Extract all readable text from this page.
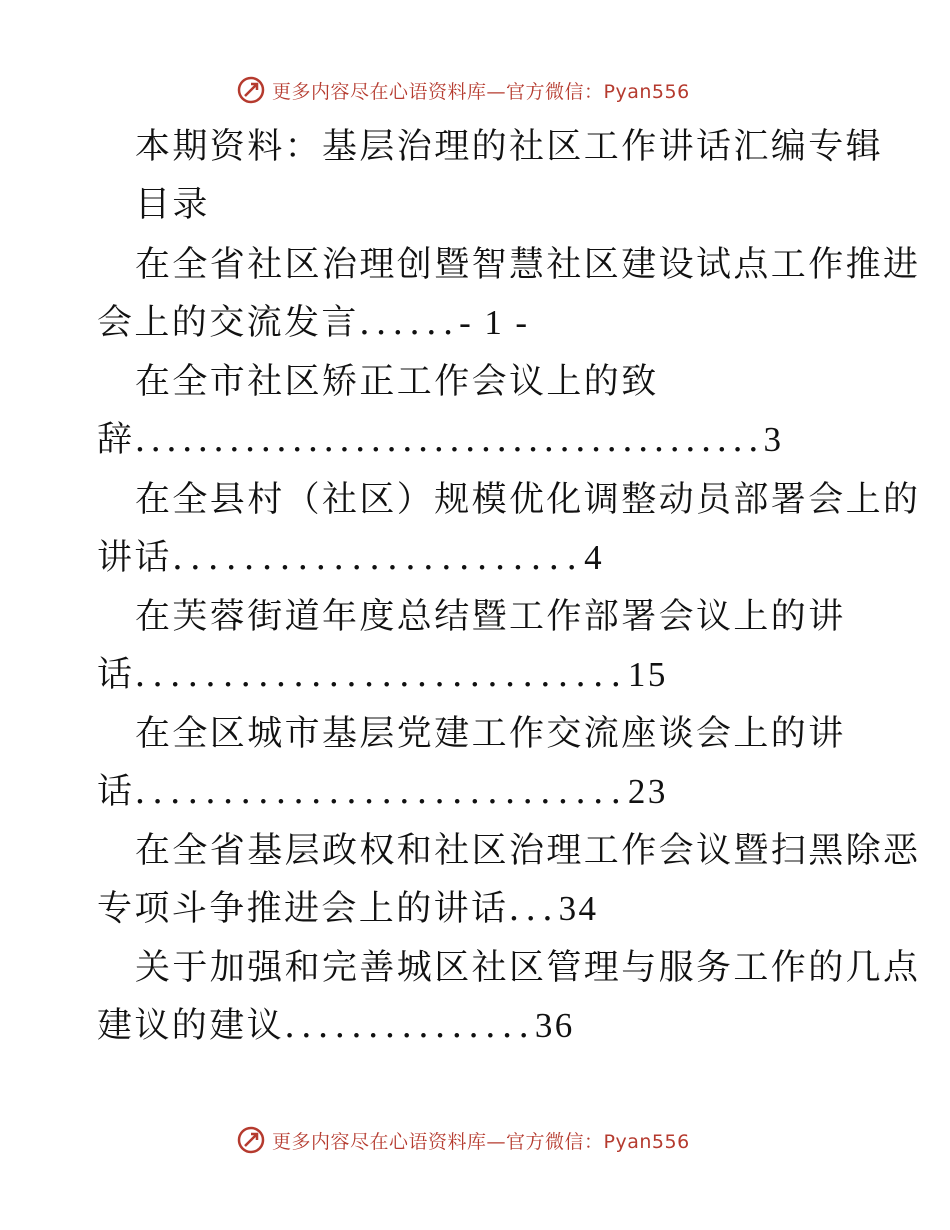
更多内容尽在心语资料库—官方微信：Pyan556
本期资料：基层治理的社区工作讲话汇编专辑
目录
在全省社区治理创暨智慧社区建设试点工作推进
会上的交流发言......- 1 -
在全市社区矫正工作会议上的致
辞........................................3
在全县村（社区）规模优化调整动员部署会上的
讲话.......................4
在芙蓉街道年度总结暨工作部署会议上的讲
话............................15
在全区城市基层党建工作交流座谈会上的讲
话............................23
在全省基层政权和社区治理工作会议暨扫黑除恶
专项斗争推进会上的讲话...34
关于加强和完善城区社区管理与服务工作的几点
建议的建议...............36
更多内容尽在心语资料库—官方微信：Pyan556
